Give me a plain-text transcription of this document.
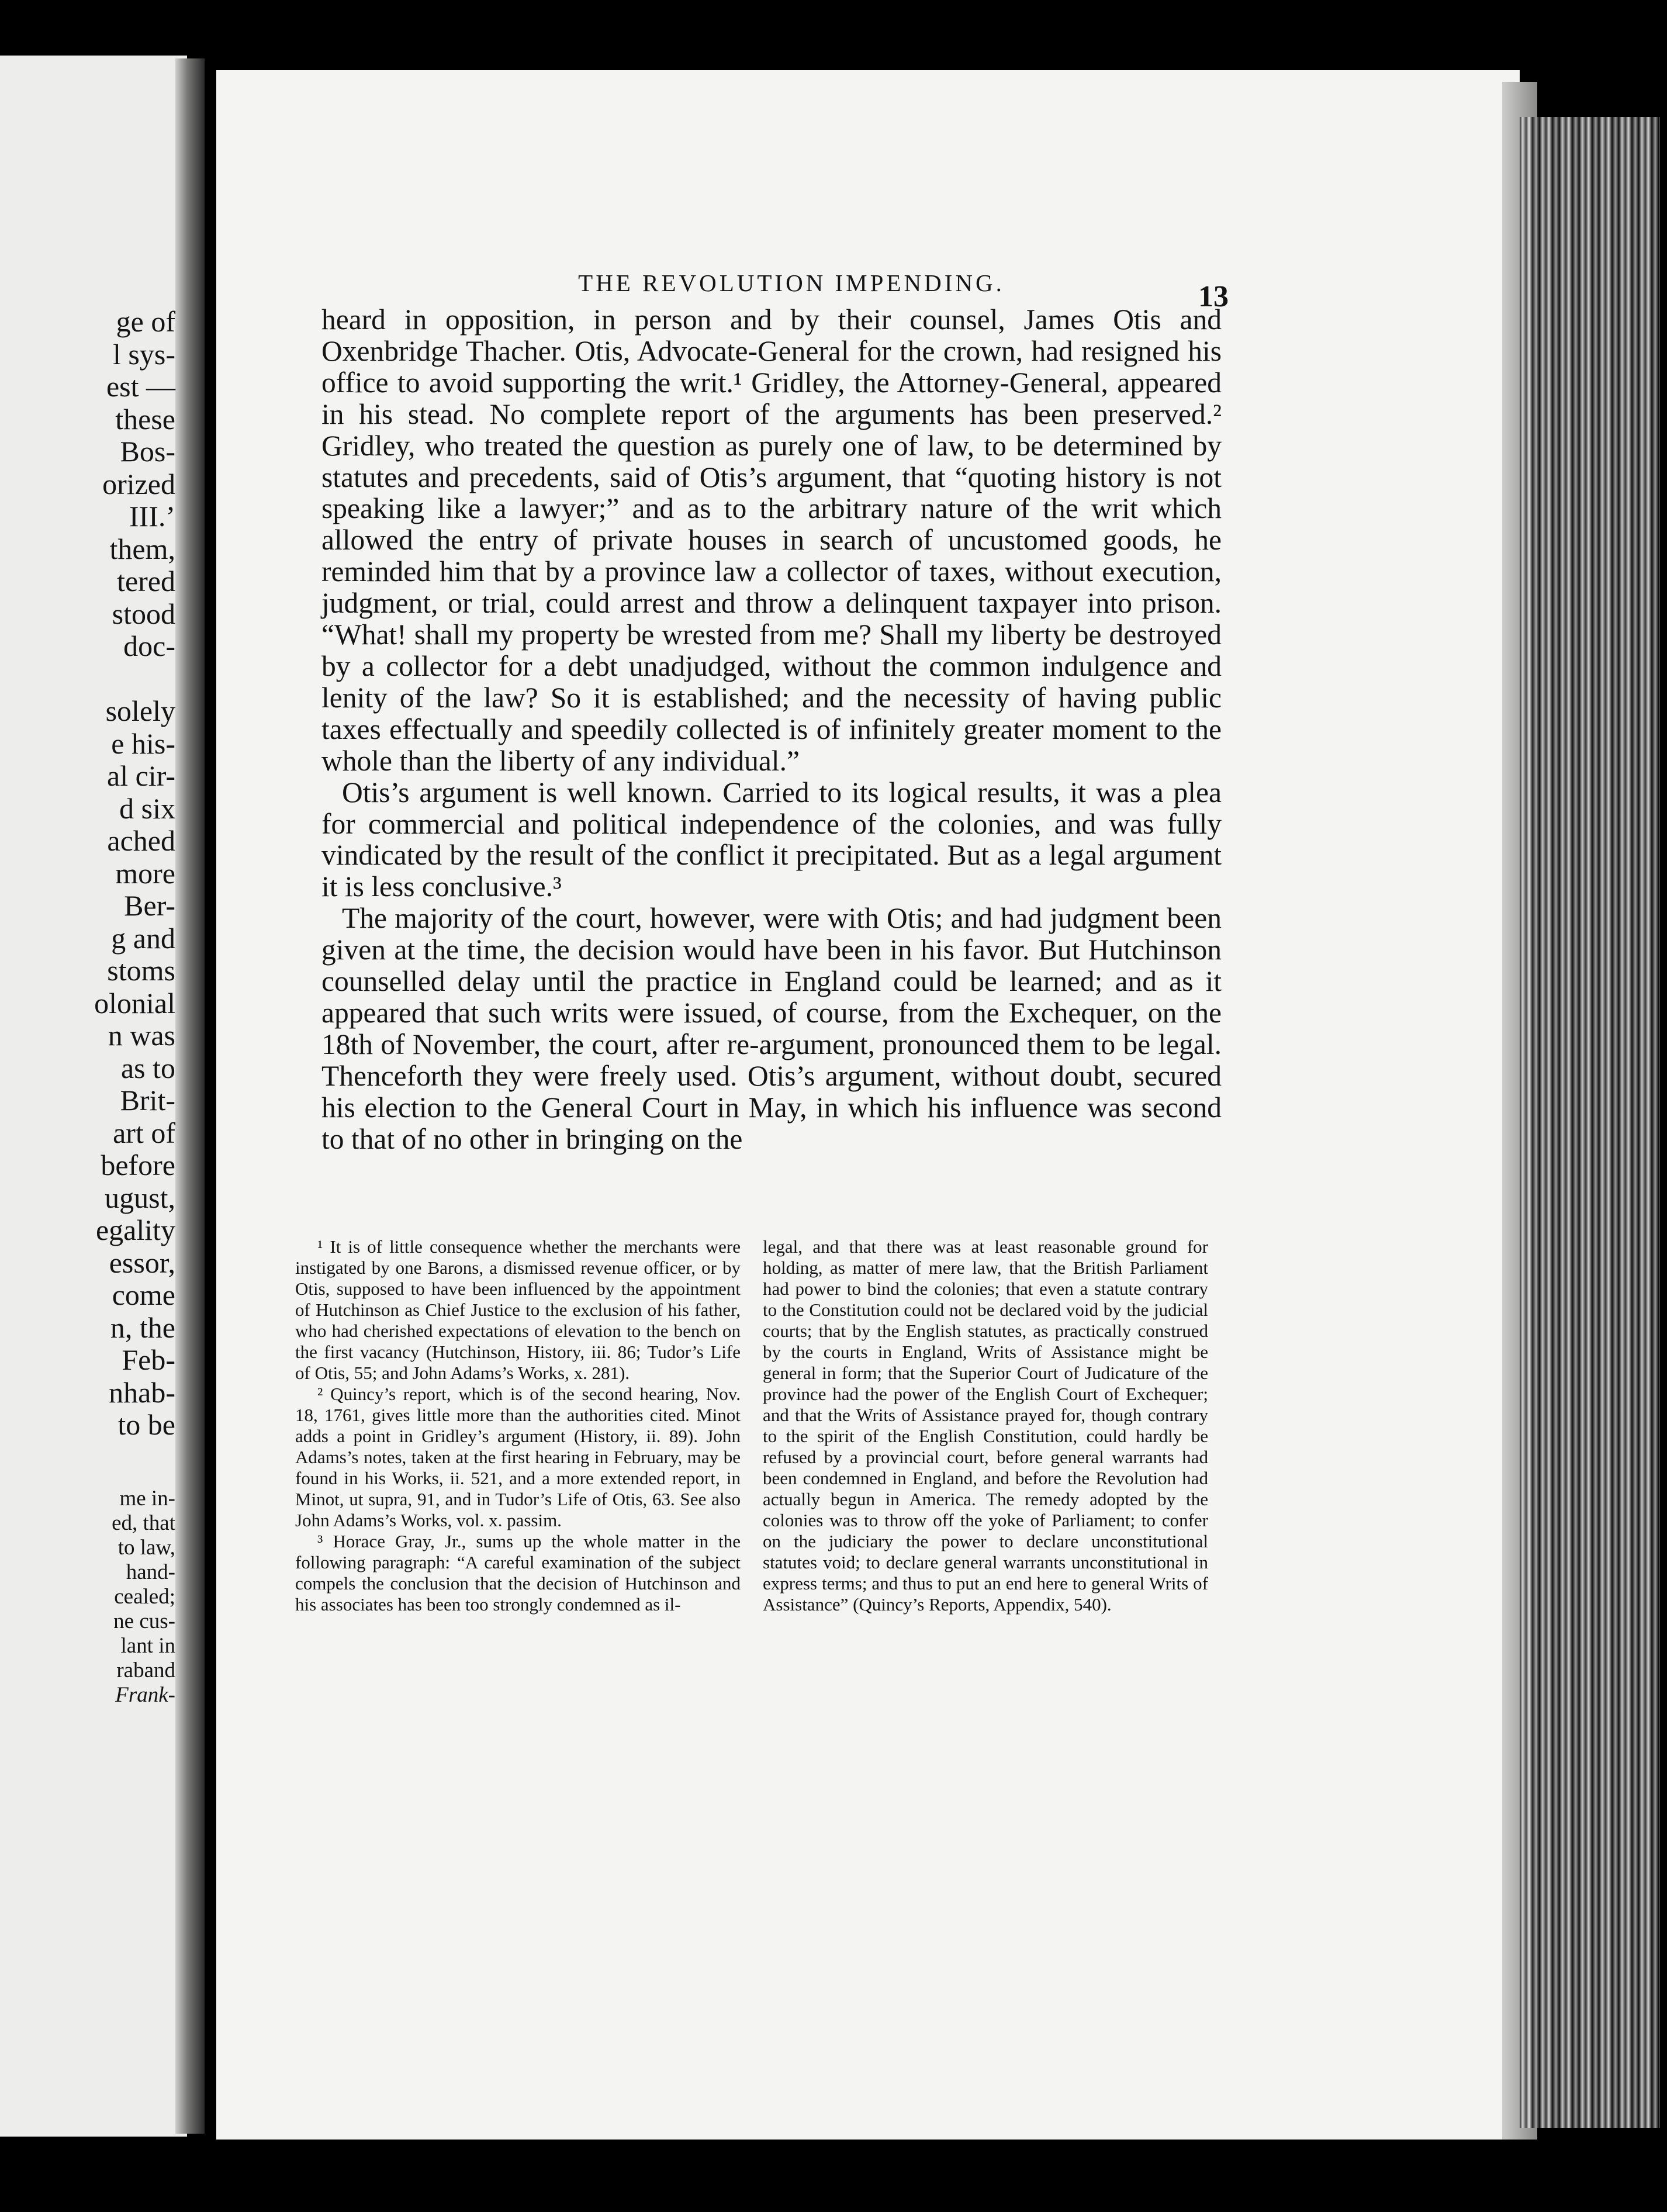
ge of
l sys-
est —
these
Bos-
orized
III.’
them,
tered
stood
doc-
solely
e his-
al cir-
d six
ached
more
Ber-
g and
stoms
olonial
n was
as to
Brit-
art of
before
ugust,
egality
essor,
come
n, the
Feb-
nhab-
to be
me in-
ed, that
to law,
hand-
cealed;
ne cus-
lant in
raband
Frank-
THE REVOLUTION IMPENDING.	13

heard in opposition, in person and by their counsel, James Otis and Oxenbridge Thacher. Otis, Advocate-General for the crown, had resigned his office to avoid supporting the writ.¹ Gridley, the Attorney-General, appeared in his stead. No complete report of the arguments has been preserved.² Gridley, who treated the question as purely one of law, to be determined by statutes and precedents, said of Otis’s argument, that “quoting history is not speaking like a lawyer;” and as to the arbitrary nature of the writ which allowed the entry of private houses in search of uncustomed goods, he reminded him that by a province law a collector of taxes, without execution, judgment, or trial, could arrest and throw a delinquent taxpayer into prison. “What! shall my property be wrested from me? Shall my liberty be destroyed by a collector for a debt unadjudged, without the common indulgence and lenity of the law? So it is established; and the necessity of having public taxes effectually and speedily collected is of infinitely greater moment to the whole than the liberty of any individual.”

Otis’s argument is well known. Carried to its logical results, it was a plea for commercial and political independence of the colonies, and was fully vindicated by the result of the conflict it precipitated. But as a legal argument it is less conclusive.³

The majority of the court, however, were with Otis; and had judgment been given at the time, the decision would have been in his favor. But Hutchinson counselled delay until the practice in England could be learned; and as it appeared that such writs were issued, of course, from the Exchequer, on the 18th of November, the court, after re-argument, pronounced them to be legal. Thenceforth they were freely used. Otis’s argument, without doubt, secured his election to the General Court in May, in which his influence was second to that of no other in bringing on the

¹ It is of little consequence whether the merchants were instigated by one Barons, a dismissed revenue officer, or by Otis, supposed to have been influenced by the appointment of Hutchinson as Chief Justice to the exclusion of his father, who had cherished expectations of elevation to the bench on the first vacancy (Hutchinson, History, iii. 86; Tudor’s Life of Otis, 55; and John Adams’s Works, x. 281).

² Quincy’s report, which is of the second hearing, Nov. 18, 1761, gives little more than the authorities cited. Minot adds a point in Gridley’s argument (History, ii. 89). John Adams’s notes, taken at the first hearing in February, may be found in his Works, ii. 521, and a more extended report, in Minot, ut supra, 91, and in Tudor’s Life of Otis, 63. See also John Adams’s Works, vol. x. passim.

³ Horace Gray, Jr., sums up the whole matter in the following paragraph: “A careful examination of the subject compels the conclusion that the decision of Hutchinson and his associates has been too strongly condemned as il-

legal, and that there was at least reasonable ground for holding, as matter of mere law, that the British Parliament had power to bind the colonies; that even a statute contrary to the Constitution could not be declared void by the judicial courts; that by the English statutes, as practically construed by the courts in England, Writs of Assistance might be general in form; that the Superior Court of Judicature of the province had the power of the English Court of Exchequer; and that the Writs of Assistance prayed for, though contrary to the spirit of the English Constitution, could hardly be refused by a provincial court, before general warrants had been condemned in England, and before the Revolution had actually begun in America. The remedy adopted by the colonies was to throw off the yoke of Parliament; to confer on the judiciary the power to declare unconstitutional statutes void; to declare general warrants unconstitutional in express terms; and thus to put an end here to general Writs of Assistance” (Quincy’s Reports, Appendix, 540).
